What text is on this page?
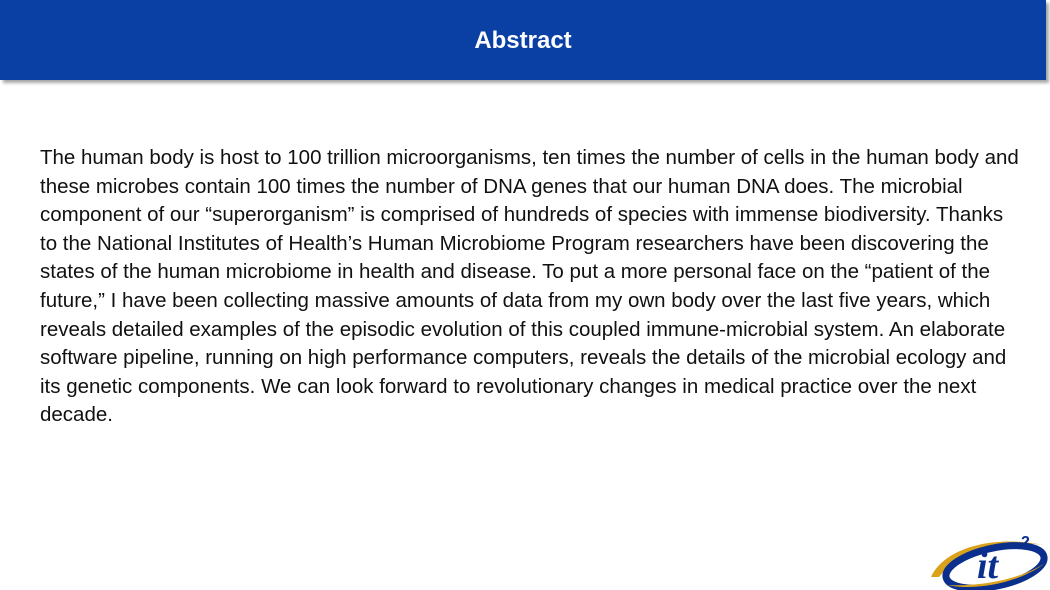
Abstract

The human body is host to 100 trillion microorganisms, ten times the number of cells in the human body and these microbes contain 100 times the number of DNA genes that our human DNA does. The microbial component of our “superorganism” is comprised of hundreds of species with immense biodiversity. Thanks to the National Institutes of Health’s Human Microbiome Program researchers have been discovering the states of the human microbiome in health and disease. To put a more personal face on the “patient of the future,” I have been collecting massive amounts of data from my own body over the last five years, which reveals detailed examples of the episodic evolution of this coupled immune-microbial system. An elaborate software pipeline, running on high performance computers, reveals the details of the microbial ecology and its genetic components. We can look forward to revolutionary changes in medical practice over the next decade.

it
2
